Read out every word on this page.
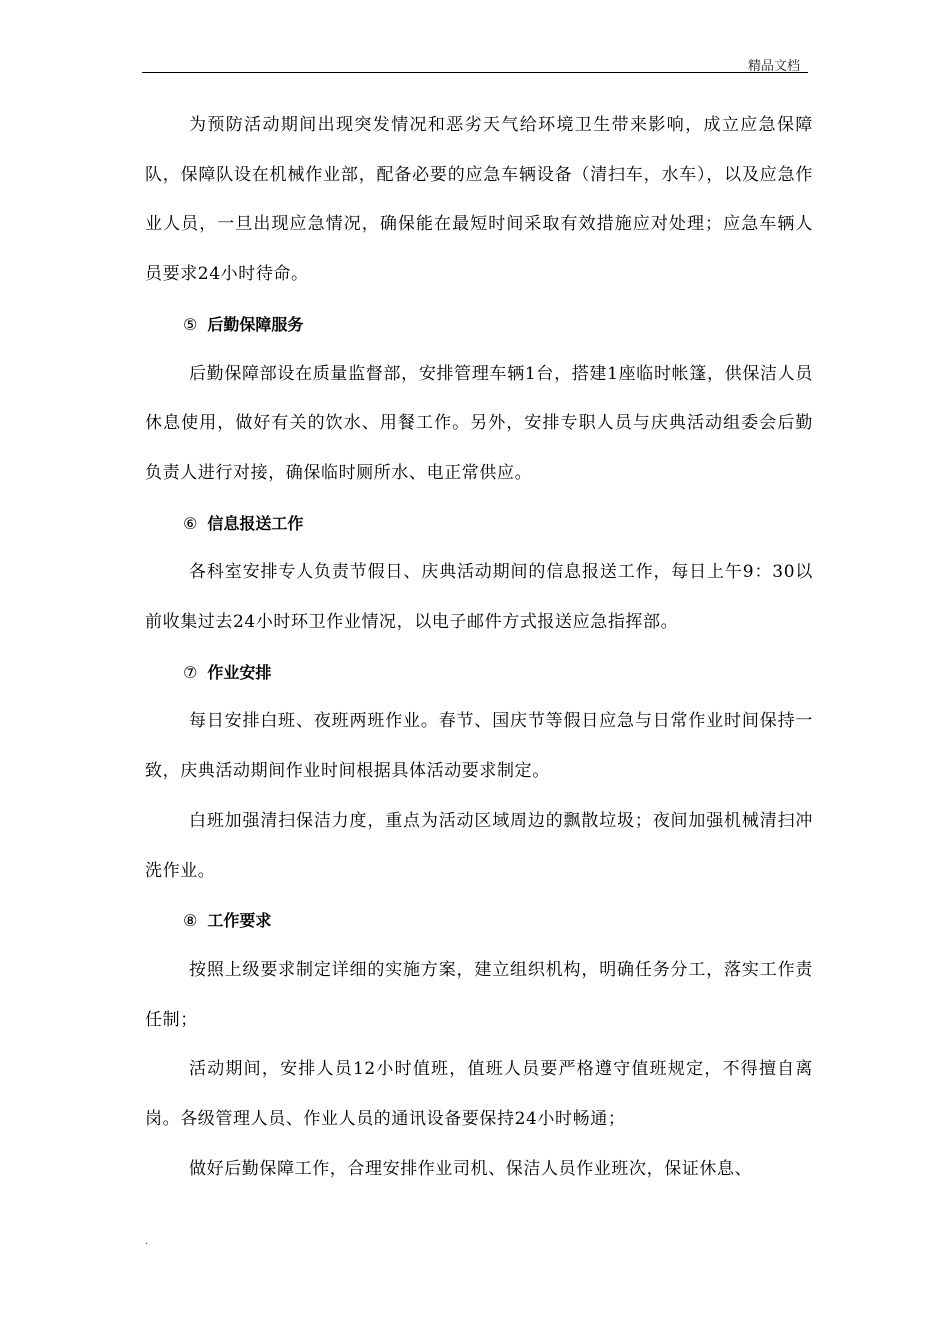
精品文档

为预防活动期间出现突发情况和恶劣天气给环境卫生带来影响，成立应急保障队，保障队设在机械作业部，配备必要的应急车辆设备（清扫车，水车），以及应急作业人员，一旦出现应急情况，确保能在最短时间采取有效措施应对处理；应急车辆人员要求24小时待命。

⑤ 后勤保障服务

后勤保障部设在质量监督部，安排管理车辆1台，搭建1座临时帐篷，供保洁人员休息使用，做好有关的饮水、用餐工作。另外，安排专职人员与庆典活动组委会后勤负责人进行对接，确保临时厕所水、电正常供应。

⑥ 信息报送工作

各科室安排专人负责节假日、庆典活动期间的信息报送工作，每日上午9：30以前收集过去24小时环卫作业情况，以电子邮件方式报送应急指挥部。

⑦ 作业安排

每日安排白班、夜班两班作业。春节、国庆节等假日应急与日常作业时间保持一致，庆典活动期间作业时间根据具体活动要求制定。

白班加强清扫保洁力度，重点为活动区域周边的飘散垃圾；夜间加强机械清扫冲洗作业。

⑧ 工作要求

按照上级要求制定详细的实施方案，建立组织机构，明确任务分工，落实工作责任制；

活动期间，安排人员12小时值班，值班人员要严格遵守值班规定，不得擅自离岗。各级管理人员、作业人员的通讯设备要保持24小时畅通；

做好后勤保障工作，合理安排作业司机、保洁人员作业班次，保证休息、

.
